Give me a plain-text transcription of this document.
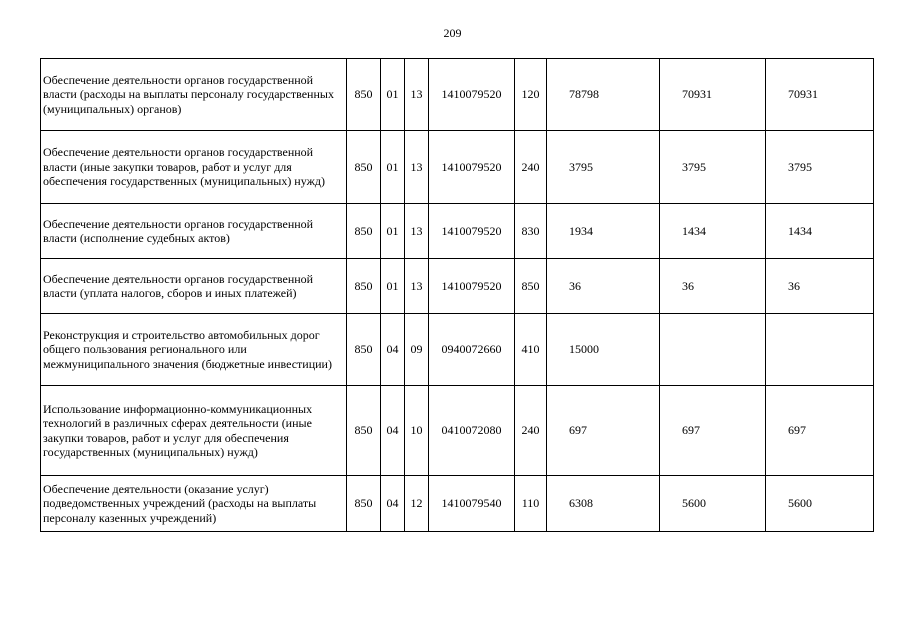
209
Обеспечение деятельности органов государственной власти (расходы на выплаты персоналу государственных (муниципальных) органов)	850	01	13	1410079520	120	78798	70931	70931
Обеспечение деятельности органов государственной власти (иные закупки товаров, работ и услуг для обеспечения государственных (муниципальных) нужд)	850	01	13	1410079520	240	3795	3795	3795
Обеспечение деятельности органов государственной власти (исполнение судебных актов)	850	01	13	1410079520	830	1934	1434	1434
Обеспечение деятельности органов государственной власти (уплата налогов, сборов и иных платежей)	850	01	13	1410079520	850	36	36	36
Реконструкция и строительство автомобильных дорог общего пользования регионального или межмуниципального значения (бюджетные инвестиции)	850	04	09	0940072660	410	15000		
Использование информационно-коммуникационных технологий в различных сферах деятельности (иные закупки товаров, работ и услуг для обеспечения государственных (муниципальных) нужд)	850	04	10	0410072080	240	697	697	697
Обеспечение деятельности (оказание услуг) подведомственных учреждений (расходы на выплаты персоналу казенных учреждений)	850	04	12	1410079540	110	6308	5600	5600
